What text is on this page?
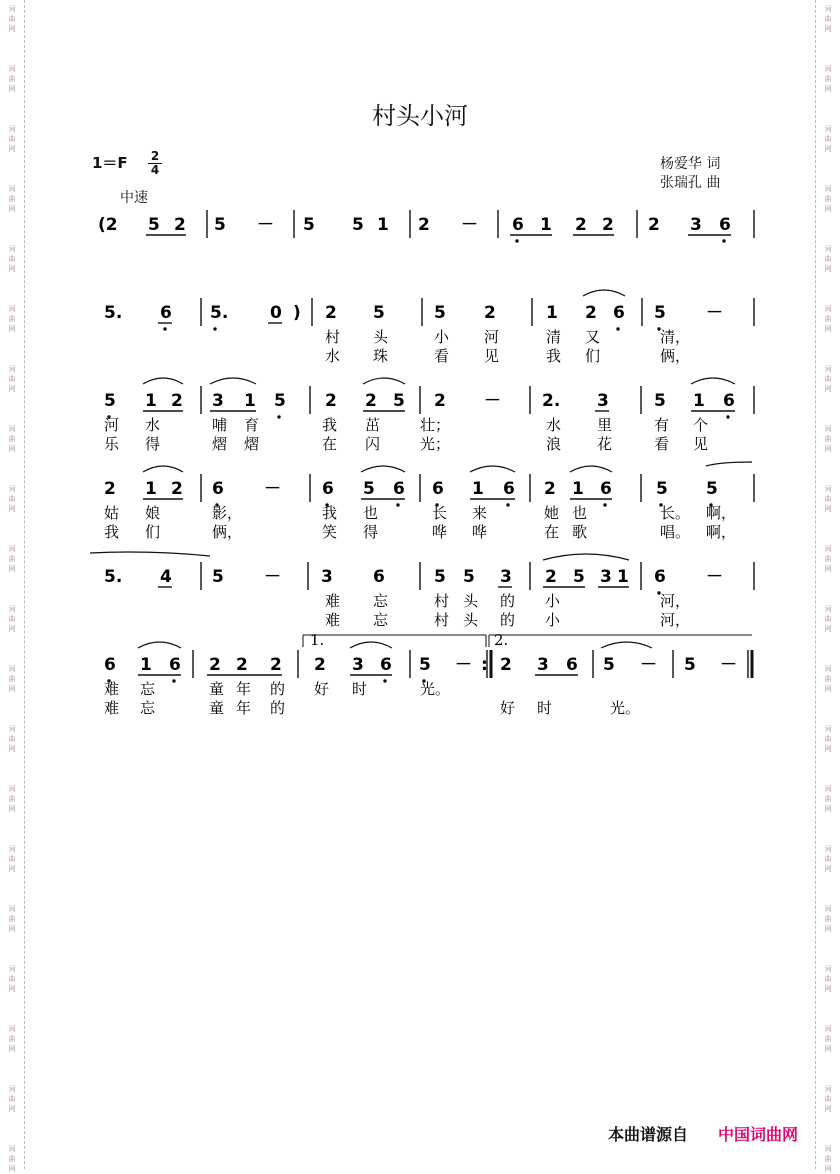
词
曲
网
词
曲
网
词
曲
网
词
曲
网
词
曲
网
词
曲
网
词
曲
网
词
曲
网
词
曲
网
词
曲
网
词
曲
网
词
曲
网
词
曲
网
词
曲
网
词
曲
网
词
曲
网
词
曲
网
词
曲
网
词
曲
网
词
曲
网
词
曲
网
词
曲
网
词
曲
网
词
曲
网
词
曲
网
词
曲
网
词
曲
网
词
曲
网
词
曲
网
词
曲
网
词
曲
网
词
曲
网
词
曲
网
词
曲
网
词
曲
网
词
曲
网
词
曲
网
词
曲
网
词
曲
网
词
曲
网
村头小河
1＝F 2
4
中速
杨爱华 词
张瑞孔 曲
(2 5 2 5 － 5 5 1 2 － 6 1 2 2 2 3 6
5. 6 5. 0 ) 2 5	5 2	1 2 6 5 －
村 头	小 河	清 又	清，
水 珠	看 见	我 们	俩，
5 1 2 3 1 5 2 2 5 2 － 2. 3	5 1 6
河 水	哺 育	我 茁	壮；	水 里	有 个
乐 得	熠 熠	在 闪	光；	浪 花	看 见
2 1 2 6 － 6 5 6 6 1 6 2 1 6	5 5
姑 娘	影，	我 也	长 来	她 也	长。 啊，
我 们	俩，	笑 得	哗 哗	在 歌	唱。 啊，
5. 4 5 － 3 6	5 5 3 2 5 3 1 6 －
难 忘	村 头 的 小	河，
难 忘	村 头 的 小	河，
6 1 6 2 2 2 2 3 6 5 － : 2 3 6 5 － 5 －
难 忘	童 年 的 好 时	光。
难 忘	童 年 的	好 时	光。
1.	2.
本曲谱源自 中国词曲网
